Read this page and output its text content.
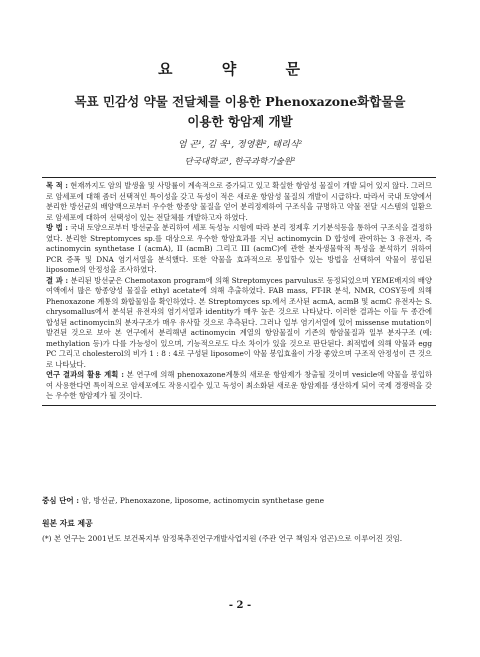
요 약 문
목표 민감성 약물 전달체를 이용한 Phenoxazone화합물을
이용한 항암제 개발
엄 곤¹, 김 욱¹, 정영환², 태리식²
단국대학교¹, 한국과학기술원²

목 적 : 현재까지도 암의 발생율 및 사망률이 계속적으로 증가되고 있고 확실한 항암성 물질이 개발 되어 있지 않다. 그러므로 암세포에 대해 좀더 선택적인 특이성을 갖고 독성이 적은 새로운 항암성 물질의 개발이 시급하다. 따라서 국내 토양에서 분리한 방선균의 배양액으로부터 우수한 항종양 물질을 얻어 분리정제하여 구조식을 규명하고 약물 전달 시스템의 일환으로 암세포에 대하여 선택성이 있는 전달체를 개발하고자 하였다.

방 법 : 국내 토양으로부터 방선균을 분리하여 세포 독성능 시험에 따라 분리 정제후 기기분석등을 통하여 구조식을 결정하였다. 분리한 Streptomyces sp.를 대상으로 우수한 항암효과를 지닌 actinomycin D 합성에 관여하는 3 유전자, 즉 actinomycin synthetase I (acmA), II (acmB) 그리고 III (acmC)에 관한 분자생물학적 특성을 분석하기 위하여 PCR 증폭 및 DNA 염기서열을 분석했다. 또한 약물을 효과적으로 봉입할수 있는 방법을 선택하여 약물이 봉입된 liposome의 안정성을 조사하였다.

결 과 : 분리된 방선균은 Chemotaxon program에 의해 Streptomyces parvulus로 동정되었으며 YEME배지의 배양여액에서 많은 항종양성 물질을 ethyl acetate에 의해 추출하였다. FAB mass, FT-IR 분석, NMR, COSY등에 의해 Phenoxazone 계통의 화합물임을 확인하였다. 본 Streptomyces sp.에서 조사된 acmA, acmB 및 acmC 유전자는 S. chrysomallus에서 분석된 유전자의 염기서열과 identity가 매우 높은 것으로 나타났다. 이러한 결과는 이들 두 종간에 합성된 actinomycin의 분자구조가 매우 유사할 것으로 추측된다. 그러나 일부 염기서열에 있어 missense mutation이 발견된 것으로 보아 본 연구에서 분리해낸 actinomycin 계열의 항암물질이 기존의 항암물질과 일부 분자구조 (예: methylation 등)가 다를 가능성이 있으며, 기능적으로도 다소 차이가 있을 것으로 판단된다. 최적법에 의해 약물과 egg PC 그리고 cholesterol의 비가 1 : 8 : 4로 구성된 liposome이 약물 봉입효율이 가장 좋았으며 구조적 안정성이 큰 것으로 나타났다.

연구 결과의 활용 계획 : 본 연구에 의해 phenoxazone계통의 새로운 항암제가 창출될 것이며 vesicle에 약물을 봉입하여 사용한다면 특이적으로 암세포에도 작용시킬수 있고 독성이 최소화된 새로운 항암제를 생산하게 되어 국제 경쟁력을 갖는 우수한 항암제가 될 것이다.

중심 단어 : 암, 방선균, Phenoxazone, liposome, actinomycin synthetase gene
원본 자료 제공
(*) 본 연구는 2001년도 보건복지부 암정복추진연구개발사업지원 (주관 연구 책임자 엄곤)으로 이루어진 것임.
- 2 -
